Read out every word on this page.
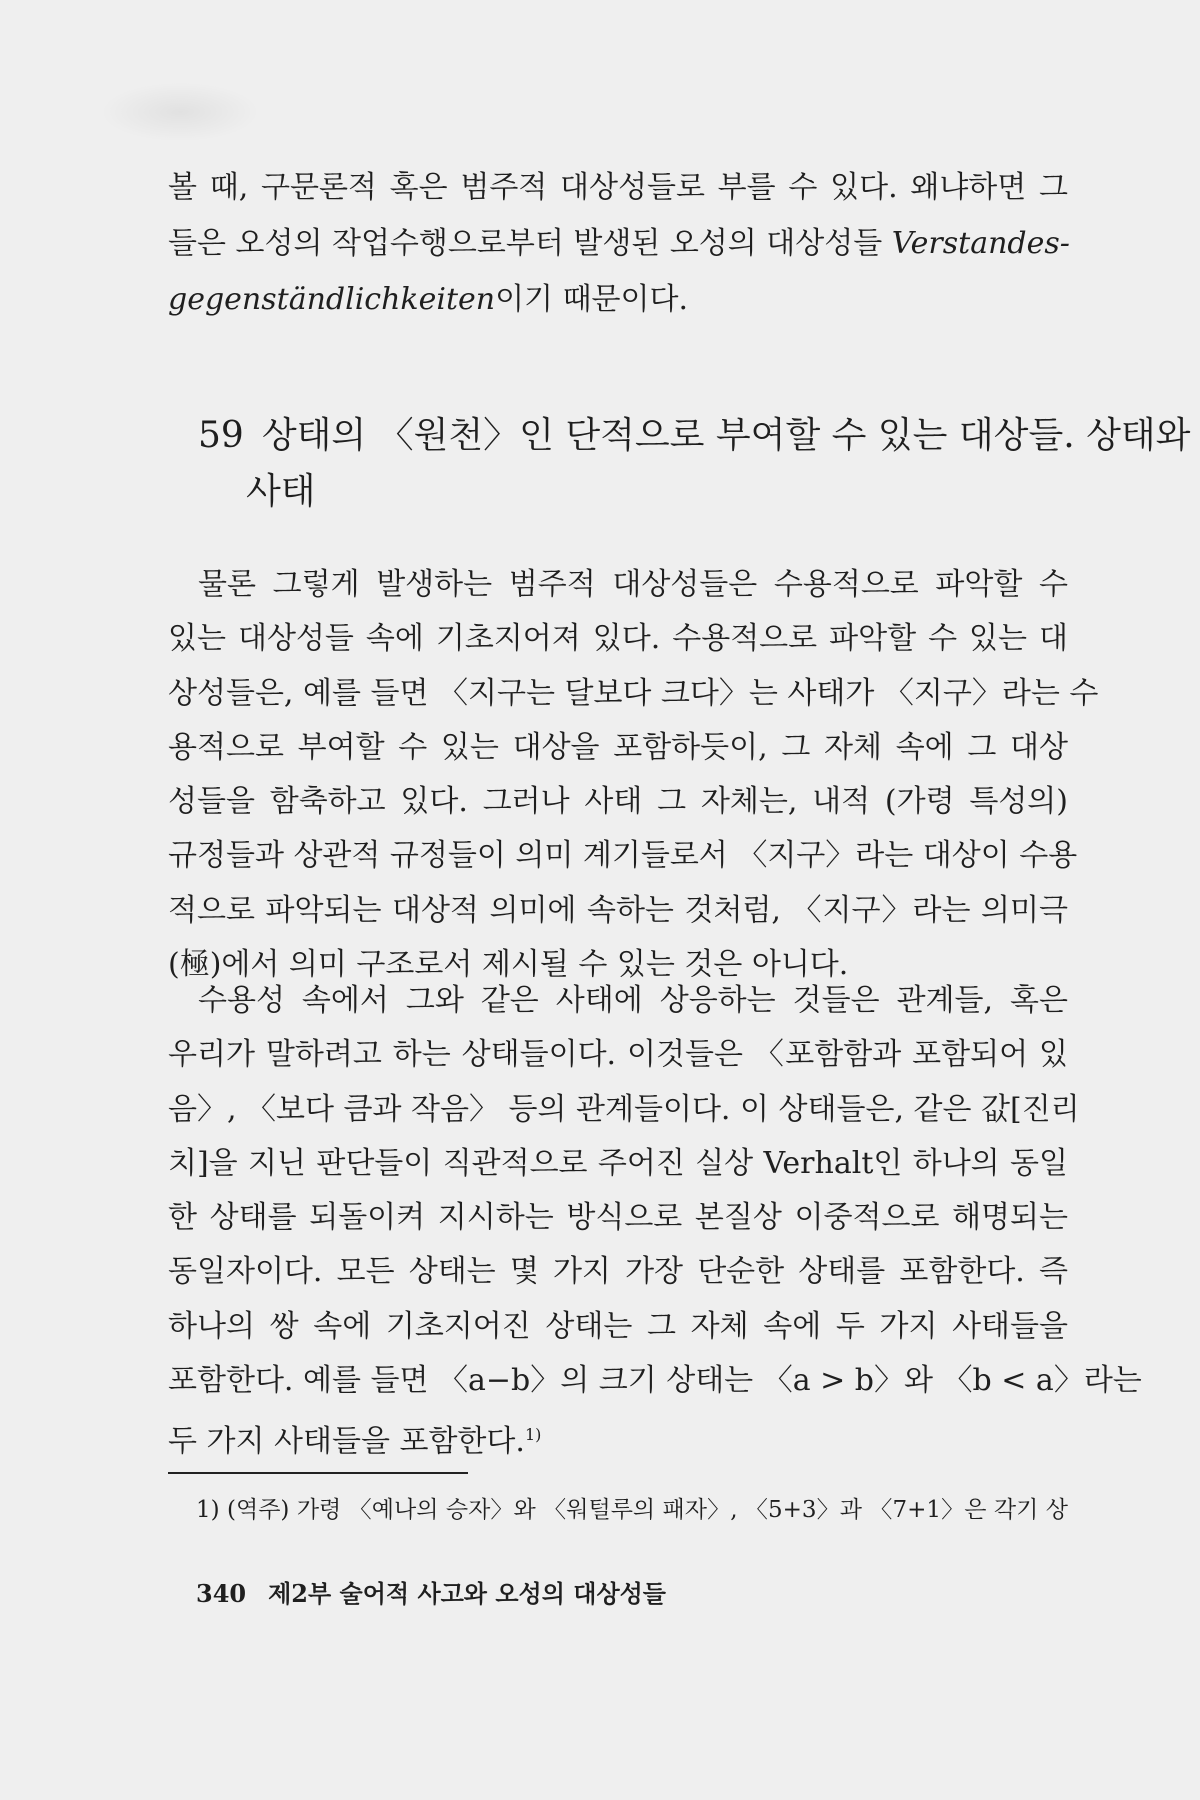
볼 때, 구문론적 혹은 범주적 대상성들로 부를 수 있다. 왜냐하면 그
들은 오성의 작업수행으로부터 발생된 오성의 대상성들 Verstandes-
gegenständlichkeiten이기 때문이다.
59 상태의 〈원천〉인 단적으로 부여할 수 있는 대상들. 상태와
사태
물론 그렇게 발생하는 범주적 대상성들은 수용적으로 파악할 수
있는 대상성들 속에 기초지어져 있다. 수용적으로 파악할 수 있는 대
상성들은, 예를 들면 〈지구는 달보다 크다〉는 사태가 〈지구〉라는 수
용적으로 부여할 수 있는 대상을 포함하듯이, 그 자체 속에 그 대상
성들을 함축하고 있다. 그러나 사태 그 자체는, 내적 (가령 특성의)
규정들과 상관적 규정들이 의미 계기들로서 〈지구〉라는 대상이 수용
적으로 파악되는 대상적 의미에 속하는 것처럼, 〈지구〉라는 의미극
(極)에서 의미 구조로서 제시될 수 있는 것은 아니다.
수용성 속에서 그와 같은 사태에 상응하는 것들은 관계들, 혹은
우리가 말하려고 하는 상태들이다. 이것들은 〈포함함과 포함되어 있
음〉, 〈보다 큼과 작음〉 등의 관계들이다. 이 상태들은, 같은 값[진리
치]을 지닌 판단들이 직관적으로 주어진 실상 Verhalt인 하나의 동일
한 상태를 되돌이켜 지시하는 방식으로 본질상 이중적으로 해명되는
동일자이다. 모든 상태는 몇 가지 가장 단순한 상태를 포함한다. 즉
하나의 쌍 속에 기초지어진 상태는 그 자체 속에 두 가지 사태들을
포함한다. 예를 들면 〈a−b〉의 크기 상태는 〈a > b〉와 〈b < a〉라는
두 가지 사태들을 포함한다.$^{1)}$
1) (역주) 가령 〈예나의 승자〉와 〈워털루의 패자〉, 〈5+3〉과 〈7+1〉은 각기 상
340 제2부 술어적 사고와 오성의 대상성들
